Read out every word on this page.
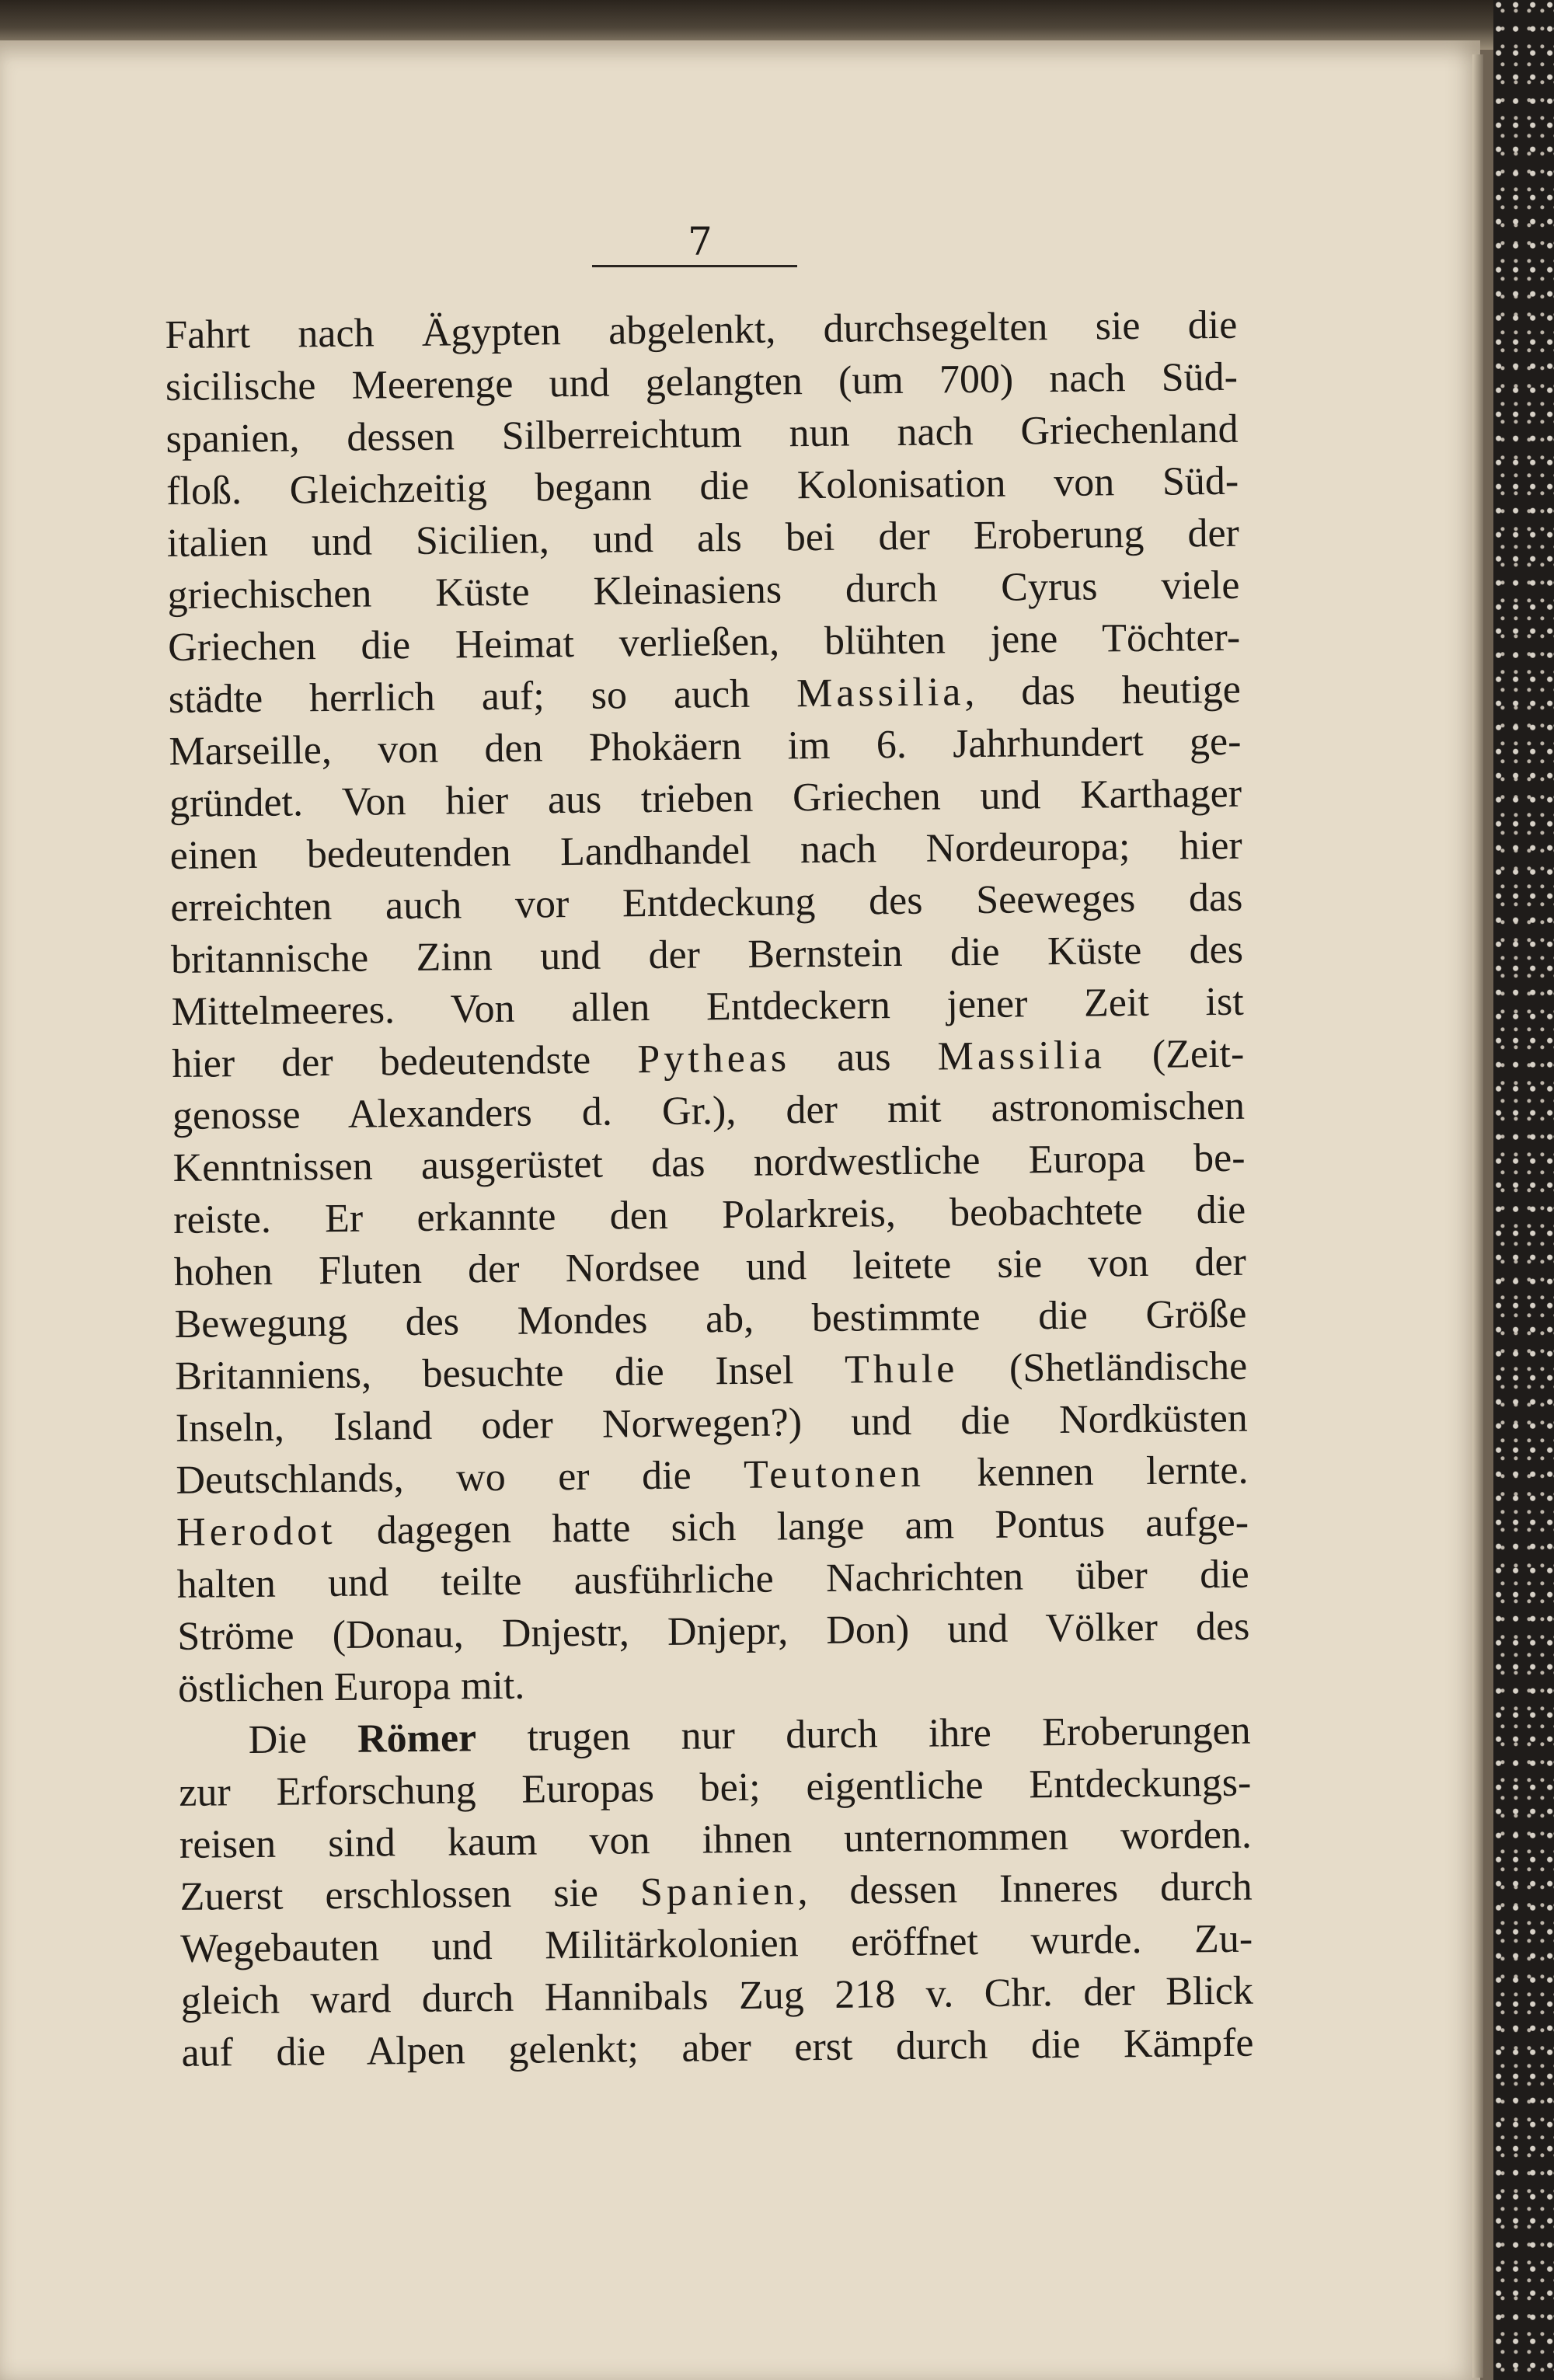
7
Fahrt nach Ägypten abgelenkt, durchsegelten sie die
sicilische Meerenge und gelangten (um 700) nach Süd-
spanien, dessen Silberreichtum nun nach Griechenland
floß. Gleichzeitig begann die Kolonisation von Süd-
italien und Sicilien, und als bei der Eroberung der
griechischen Küste Kleinasiens durch Cyrus viele
Griechen die Heimat verließen, blühten jene Töchter-
städte herrlich auf; so auch Massilia, das heutige
Marseille, von den Phokäern im 6. Jahrhundert ge-
gründet. Von hier aus trieben Griechen und Karthager
einen bedeutenden Landhandel nach Nordeuropa; hier
erreichten auch vor Entdeckung des Seeweges das
britannische Zinn und der Bernstein die Küste des
Mittelmeeres. Von allen Entdeckern jener Zeit ist
hier der bedeutendste Pytheas aus Massilia (Zeit-
genosse Alexanders d. Gr.), der mit astronomischen
Kenntnissen ausgerüstet das nordwestliche Europa be-
reiste. Er erkannte den Polarkreis, beobachtete die
hohen Fluten der Nordsee und leitete sie von der
Bewegung des Mondes ab, bestimmte die Größe
Britanniens, besuchte die Insel Thule (Shetländische
Inseln, Island oder Norwegen?) und die Nordküsten
Deutschlands, wo er die Teutonen kennen lernte.
Herodot dagegen hatte sich lange am Pontus aufge-
halten und teilte ausführliche Nachrichten über die
Ströme (Donau, Dnjestr, Dnjepr, Don) und Völker des
östlichen Europa mit.
Die Römer trugen nur durch ihre Eroberungen
zur Erforschung Europas bei; eigentliche Entdeckungs-
reisen sind kaum von ihnen unternommen worden.
Zuerst erschlossen sie Spanien, dessen Inneres durch
Wegebauten und Militärkolonien eröffnet wurde. Zu-
gleich ward durch Hannibals Zug 218 v. Chr. der Blick
auf die Alpen gelenkt; aber erst durch die Kämpfe
